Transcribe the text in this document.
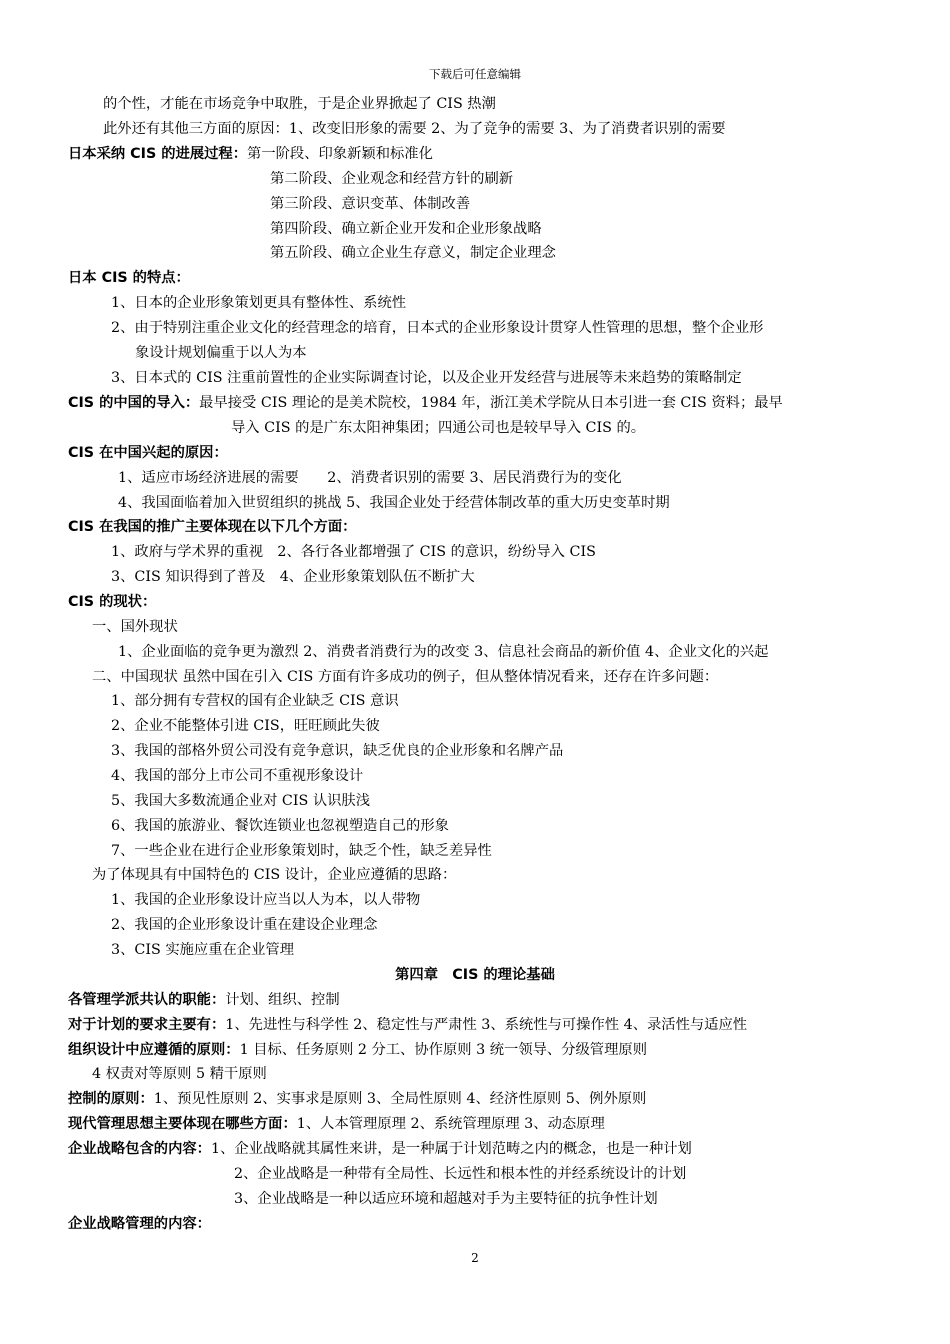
下载后可任意编辑
的个性，才能在市场竞争中取胜，于是企业界掀起了 CIS 热潮
此外还有其他三方面的原因：1、改变旧形象的需要 2、为了竞争的需要 3、为了消费者识别的需要
日本采纳 CIS 的进展过程：第一阶段、印象新颖和标准化
第二阶段、企业观念和经营方针的刷新
第三阶段、意识变革、体制改善
第四阶段、确立新企业开发和企业形象战略
第五阶段、确立企业生存意义，制定企业理念
日本 CIS 的特点：
1、日本的企业形象策划更具有整体性、系统性
2、由于特别注重企业文化的经营理念的培育，日本式的企业形象设计贯穿人性管理的思想，整个企业形
象设计规划偏重于以人为本
3、日本式的 CIS 注重前置性的企业实际调查讨论，以及企业开发经营与进展等未来趋势的策略制定
CIS 的中国的导入：最早接受 CIS 理论的是美术院校，1984 年，浙江美术学院从日本引进一套 CIS 资料；最早
导入 CIS 的是广东太阳神集团；四通公司也是较早导入 CIS 的。
CIS 在中国兴起的原因：
1、适应市场经济进展的需要　　2、消费者识别的需要 3、居民消费行为的变化
4、我国面临着加入世贸组织的挑战 5、我国企业处于经营体制改革的重大历史变革时期
CIS 在我国的推广主要体现在以下几个方面：
1、政府与学术界的重视　2、各行各业都增强了 CIS 的意识，纷纷导入 CIS
3、CIS 知识得到了普及　4、企业形象策划队伍不断扩大
CIS 的现状：
一、国外现状
1、企业面临的竞争更为激烈 2、消费者消费行为的改变 3、信息社会商品的新价值 4、企业文化的兴起
二、中国现状 虽然中国在引入 CIS 方面有许多成功的例子，但从整体情况看来，还存在许多问题：
1、部分拥有专营权的国有企业缺乏 CIS 意识
2、企业不能整体引进 CIS，旺旺顾此失彼
3、我国的部格外贸公司没有竞争意识，缺乏优良的企业形象和名牌产品
4、我国的部分上市公司不重视形象设计
5、我国大多数流通企业对 CIS 认识肤浅
6、我国的旅游业、餐饮连锁业也忽视塑造自己的形象
7、一些企业在进行企业形象策划时，缺乏个性，缺乏差异性
为了体现具有中国特色的 CIS 设计，企业应遵循的思路：
1、我国的企业形象设计应当以人为本，以人带物
2、我国的企业形象设计重在建设企业理念
3、CIS 实施应重在企业管理
第四章　CIS 的理论基础
各管理学派共认的职能：计划、组织、控制
对于计划的要求主要有：1、先进性与科学性 2、稳定性与严肃性 3、系统性与可操作性 4、录活性与适应性
组织设计中应遵循的原则：1 目标、任务原则 2 分工、协作原则 3 统一领导、分级管理原则
4 权责对等原则 5 精干原则
控制的原则：1、预见性原则 2、实事求是原则 3、全局性原则 4、经济性原则 5、例外原则
现代管理思想主要体现在哪些方面：1、人本管理原理 2、系统管理原理 3、动态原理
企业战略包含的内容：1、企业战略就其属性来讲，是一种属于计划范畴之内的概念，也是一种计划
2、企业战略是一种带有全局性、长远性和根本性的并经系统设计的计划
3、企业战略是一种以适应环境和超越对手为主要特征的抗争性计划
企业战略管理的内容：
2
